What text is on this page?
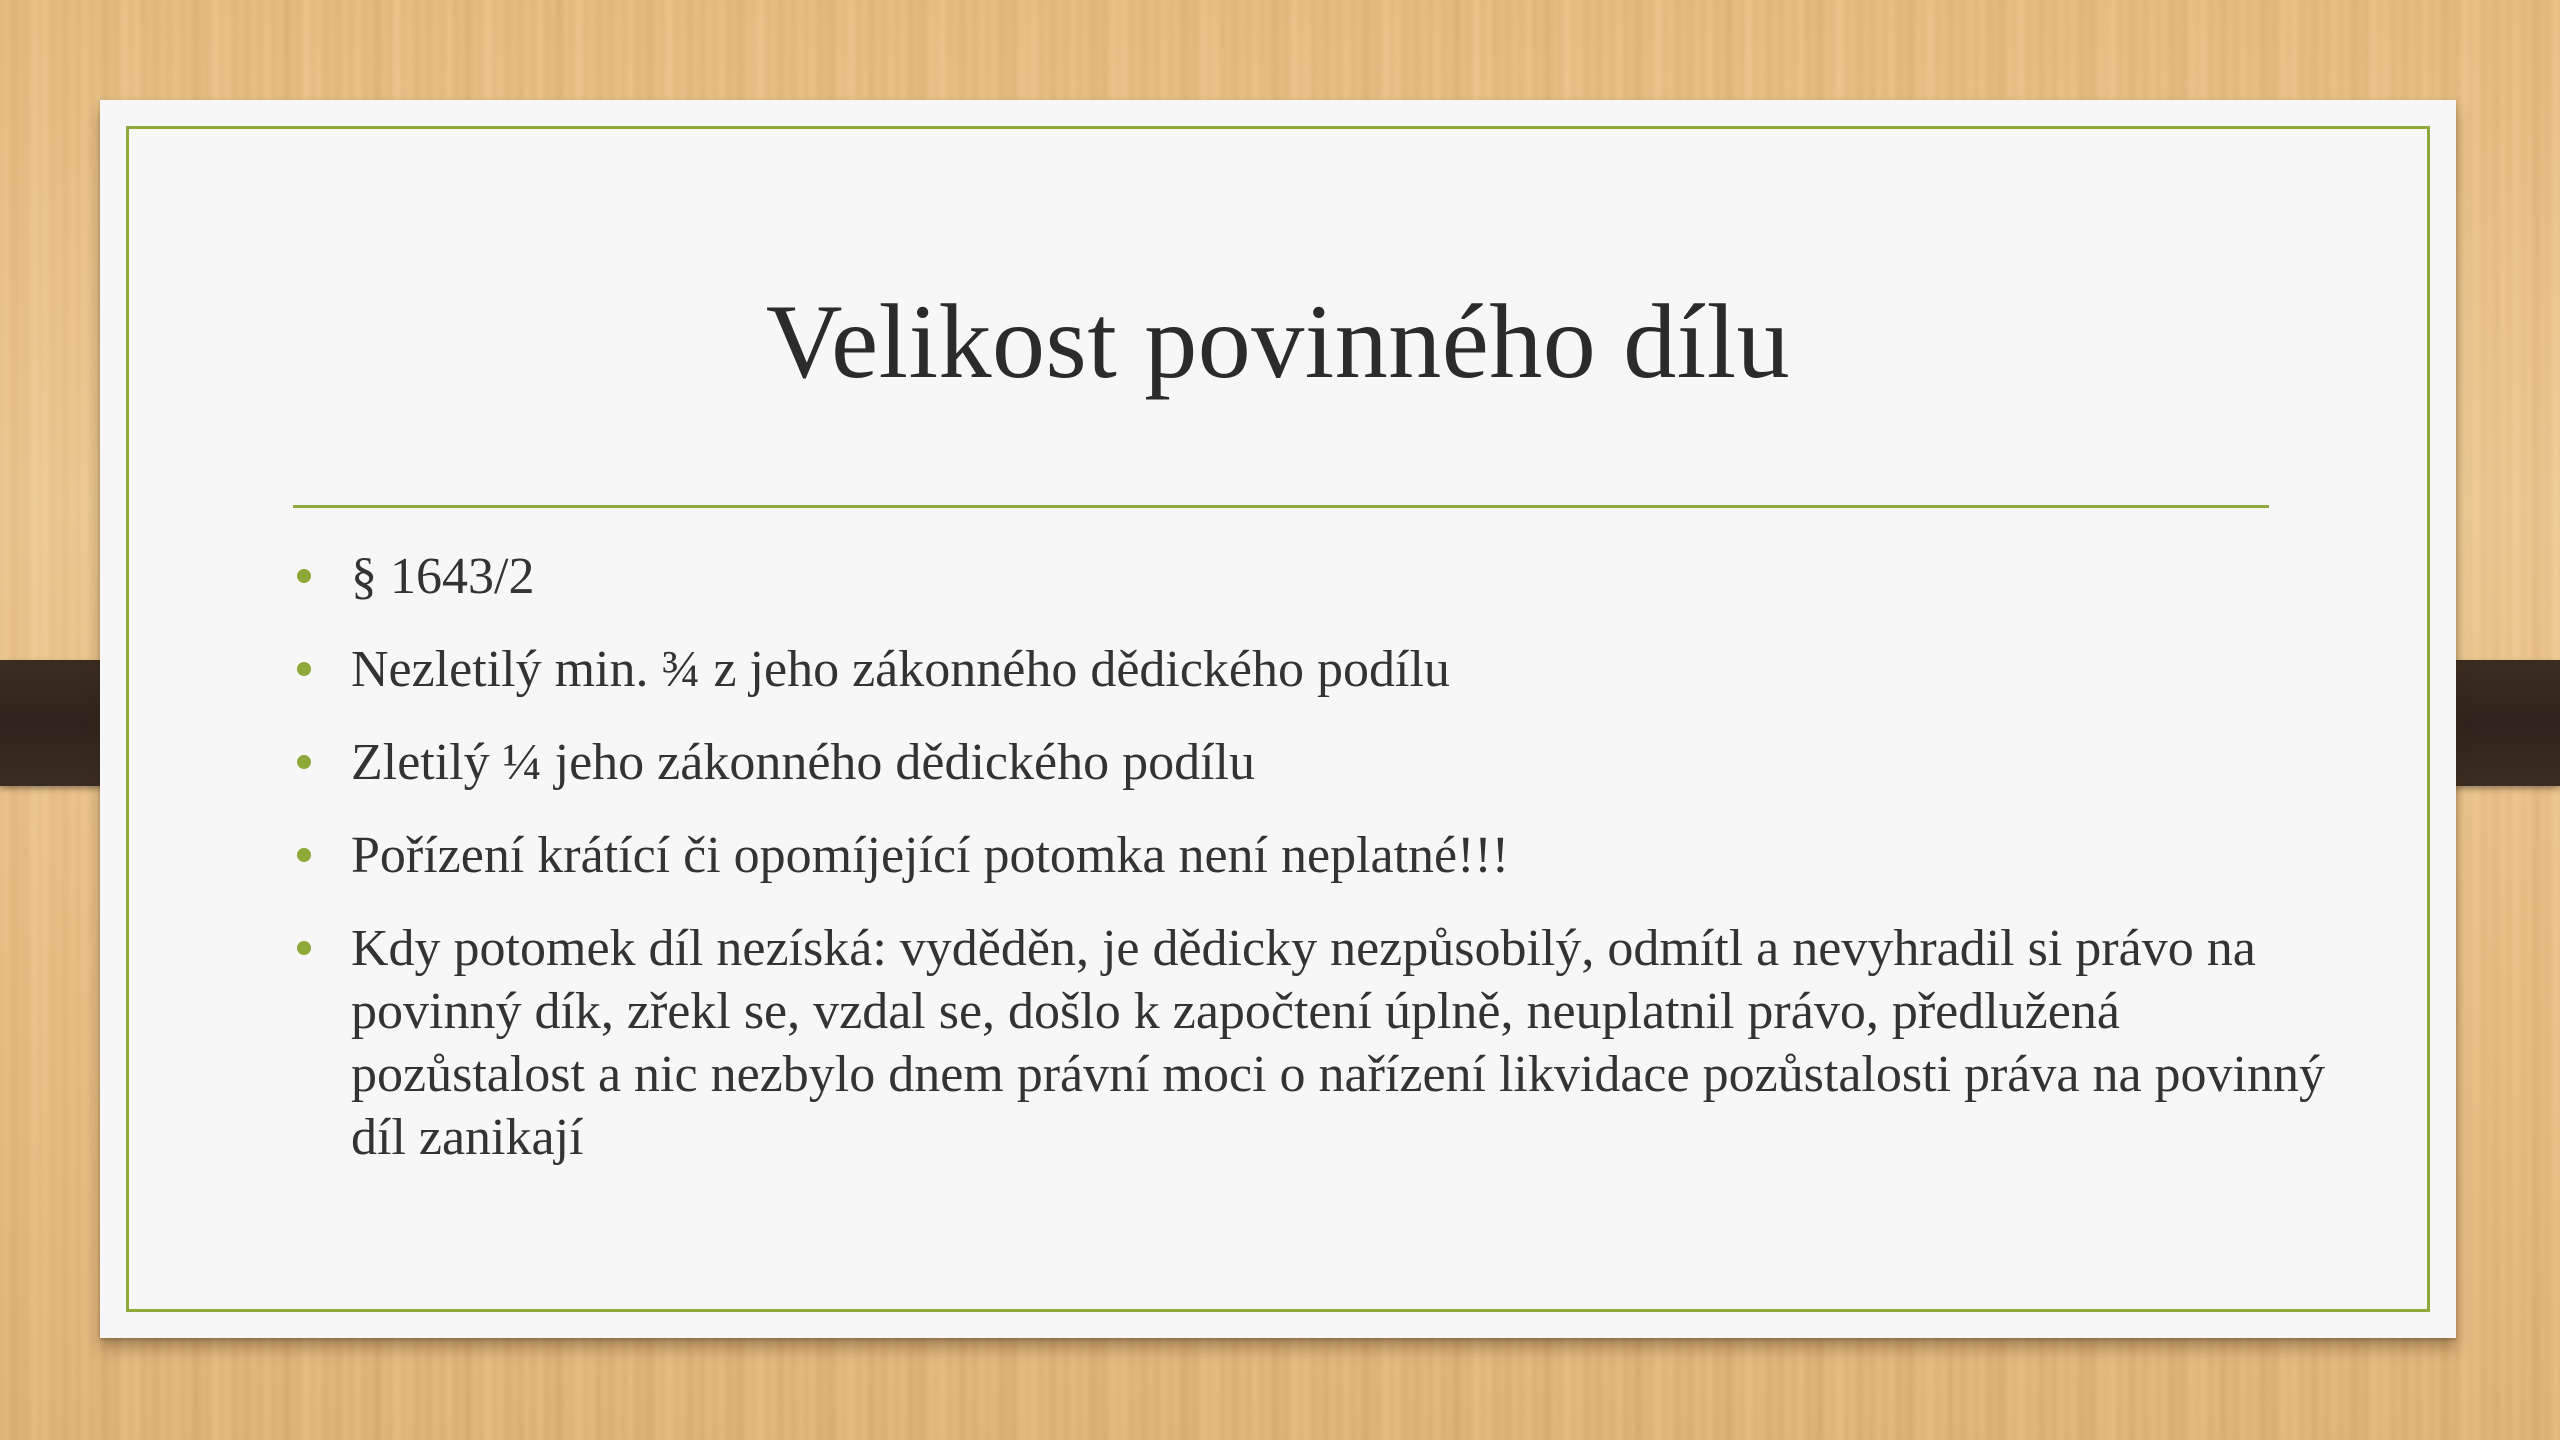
Velikost povinného dílu
§ 1643/2
Nezletilý min. ¾ z jeho zákonného dědického podílu
Zletilý ¼ jeho zákonného dědického podílu
Pořízení krátící či opomíjející potomka není neplatné!!!
Kdy potomek díl nezíská: vyděděn, je dědicky nezpůsobilý, odmítl a nevyhradil si právo na povinný dík, zřekl se, vzdal se, došlo k započtení úplně, neuplatnil právo, předlužená pozůstalost a nic nezbylo dnem právní moci o nařízení likvidace pozůstalosti práva na povinný díl zanikají
